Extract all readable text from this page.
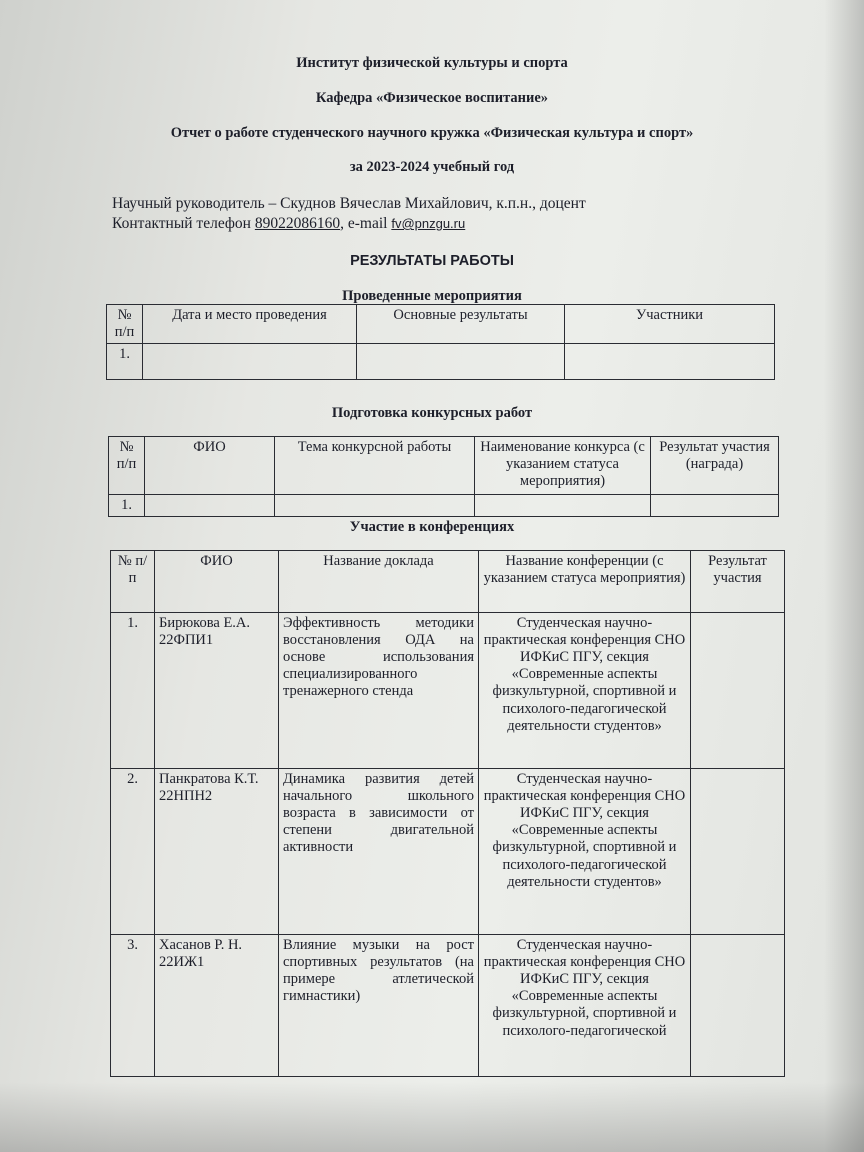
Институт физической культуры и спорта
Кафедра «Физическое воспитание»
Отчет о работе студенческого научного кружка «Физическая культура и спорт»
за 2023-2024 учебный год
Научный руководитель – Скуднов Вячеслав Михайлович, к.п.н., доцент
Контактный телефон 89022086160, e-mail fv@pnzgu.ru
РЕЗУЛЬТАТЫ РАБОТЫ
Проведенные мероприятия
№ п/п	Дата и место проведения	Основные результаты	Участники
1.			
Подготовка конкурсных работ
№ п/п	ФИО	Тема конкурсной работы	Наименование конкурса (с указанием статуса мероприятия)	Результат участия (награда)
1.				
Участие в конференциях
№ п/п	ФИО	Название доклада	Название конференции (с указанием статуса мероприятия)	Результат участия
1.	Бирюкова Е.А. 22ФПИ1	Эффективность методики восстановления ОДА на основе использования специализированного тренажерного стенда	Студенческая научно-практическая конференция СНО ИФКиС ПГУ, секция «Современные аспекты физкультурной, спортивной и психолого-педагогической деятельности студентов»	
2.	Панкратова К.Т. 22НПН2	Динамика развития детей начального школьного возраста в зависимости от степени двигательной активности	Студенческая научно-практическая конференция СНО ИФКиС ПГУ, секция «Современные аспекты физкультурной, спортивной и психолого-педагогической деятельности студентов»	
3.	Хасанов Р. Н. 22ИЖ1	Влияние музыки на рост спортивных результатов (на примере атлетической гимнастики)	Студенческая научно-практическая конференция СНО ИФКиС ПГУ, секция «Современные аспекты физкультурной, спортивной и психолого-педагогической	
